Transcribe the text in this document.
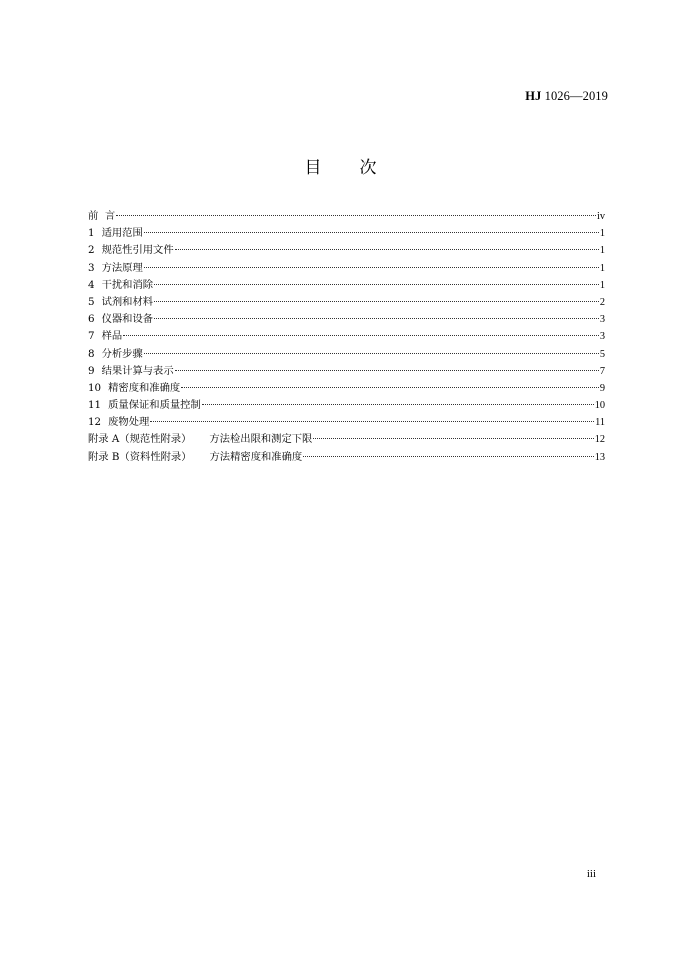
HJ 1026—2019
目 次
前 言	iv
1 适用范围	1
2 规范性引用文件	1
3 方法原理	1
4 干扰和消除	1
5 试剂和材料	2
6 仪器和设备	3
7 样品	3
8 分析步骤	5
9 结果计算与表示	7
10 精密度和准确度	9
11 质量保证和质量控制	10
12 废物处理	11
附录 A（规范性附录） 方法检出限和测定下限	12
附录 B（资料性附录） 方法精密度和准确度	13
iii
